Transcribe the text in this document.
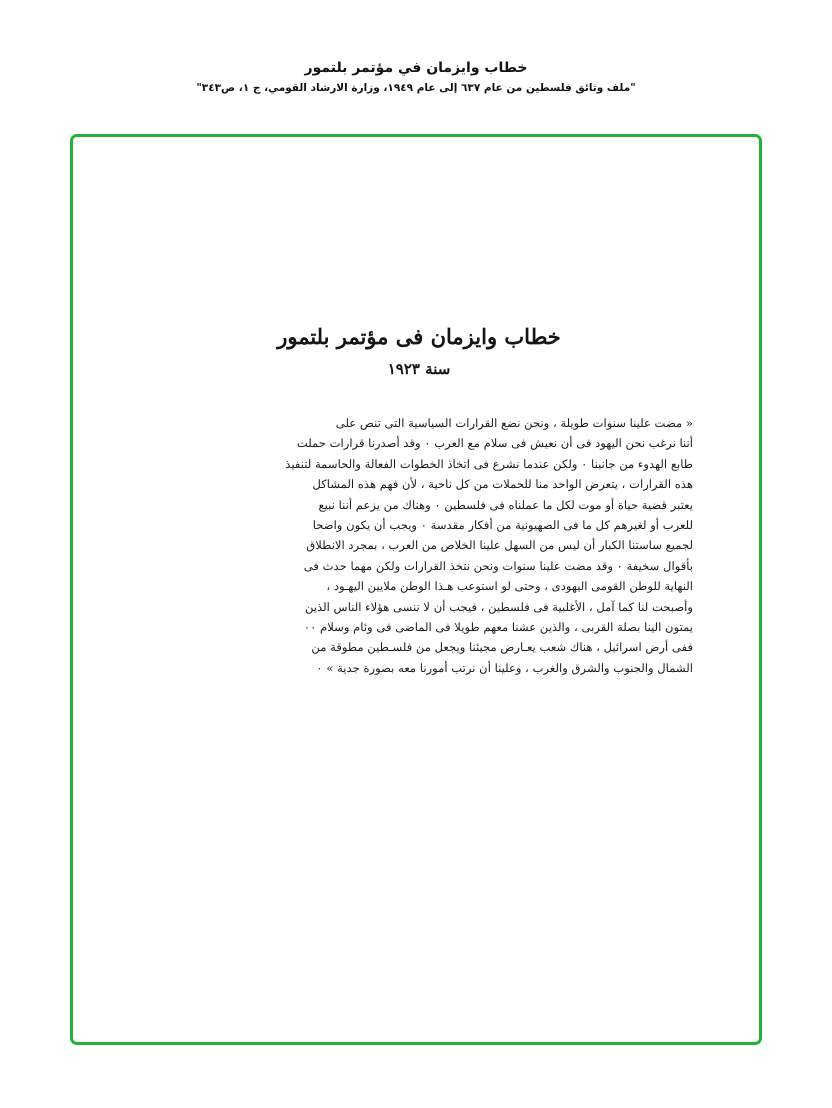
خطاب وايزمان في مؤتمر بلتمور
"ملف وثائق فلسطين من عام ٦٣٧ إلى عام ١٩٤٩، وزارة الارشاد القومي، ج ١، ص٣٤٣"
خطاب وايزمان فى مؤتمر بلتمور
سنة ١٩٢٣
« مضت علينا سنوات طويلة ، ونحن نضع القرارات السياسية التى تنص على
أننا نرغب نحن اليهود فى أن نعيش فى سلام مع العرب ٠ وقد أصدرنا قرارات حملت
طابع الهدوء من جانبنا ٠ ولكن عندما نشرع فى اتخاذ الخطوات الفعالة والحاسمة لتنفيذ
هذه القرارات ، يتعرض الواحد منا للحملات من كل ناحية ، لأن فهم هذه المشاكل
يعتبر قضية حياة أو موت لكل ما عملناه فى فلسطين ٠ وهناك من يزعم أننا نبيع
للعرب أو لغيرهم كل ما فى الصهيونية من أفكار مقدسة ٠ ويجب أن يكون واضحا
لجميع ساستنا الكبار أن ليس من السهل علينا الخلاص من العرب ، بمجرد الانطلاق
بأقوال سخيفة ٠ وقد مضت علينا سنوات ونحن نتخذ القرارات ولكن مهما حدث فى
النهاية للوطن القومى اليهودى ، وحتى لو استوعب هـذا الوطن ملايين اليهـود ،
وأصبحت لنا كما آمل ، الأغلبية فى فلسطين ، فيجب أن لا ننسى هؤلاء الناس الذين
يمتون الينا بصلة القربى ، والذين عشنا معهم طويلا فى الماضى فى وئام وسلام ٠٠
ففى أرض اسرائيل ، هناك شعب يعـارض مجيئنا ويجعل من فلسـطين مطوقة من
الشمال والجنوب والشرق والغرب ، وعلينا أن نرتب أمورنا معه بصورة جدية » ٠
